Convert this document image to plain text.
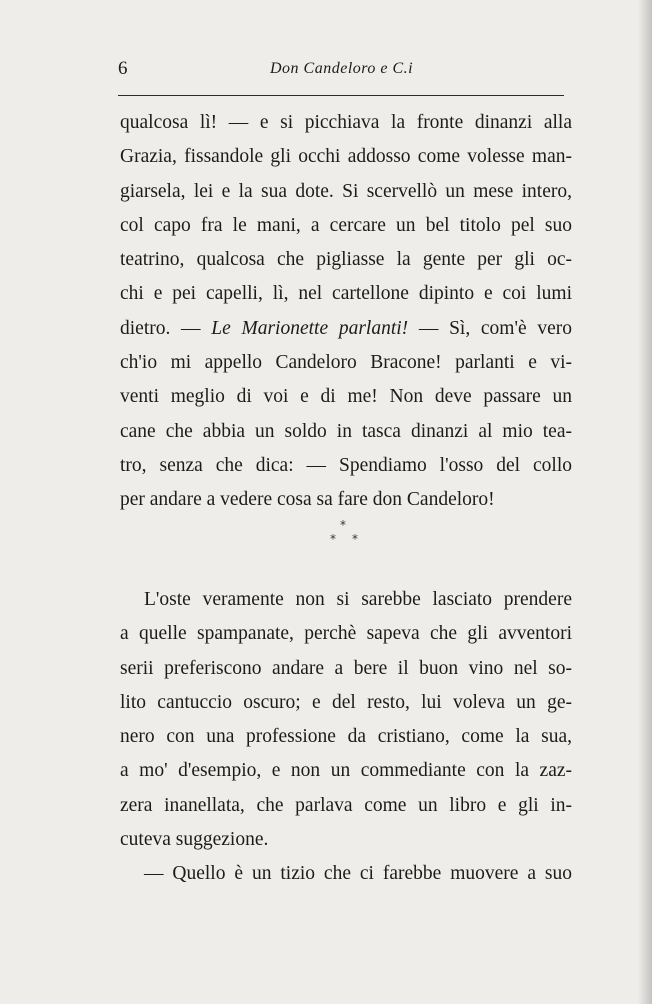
6	Don Candeloro e C.i
qualcosa lì! — e si picchiava la fronte dinanzi alla
Grazia, fissandole gli occhi addosso come volesse man-
giarsela, lei e la sua dote. Si scervellò un mese intero,
col capo fra le mani, a cercare un bel titolo pel suo
teatrino, qualcosa che pigliasse la gente per gli oc-
chi e pei capelli, lì, nel cartellone dipinto e coi lumi
dietro. — Le Marionette parlanti! — Sì, com'è vero
ch'io mi appello Candeloro Bracone! parlanti e vi-
venti meglio di voi e di me! Non deve passare un
cane che abbia un soldo in tasca dinanzi al mio tea-
tro, senza che dica: — Spendiamo l'osso del collo
per andare a vedere cosa sa fare don Candeloro!
*
* *
L'oste veramente non si sarebbe lasciato prendere
a quelle spampanate, perchè sapeva che gli avventori
serii preferiscono andare a bere il buon vino nel so-
lito cantuccio oscuro; e del resto, lui voleva un ge-
nero con una professione da cristiano, come la sua,
a mo' d'esempio, e non un commediante con la zaz-
zera inanellata, che parlava come un libro e gli in-
cuteva suggezione.
— Quello è un tizio che ci farebbe muovere a suo
